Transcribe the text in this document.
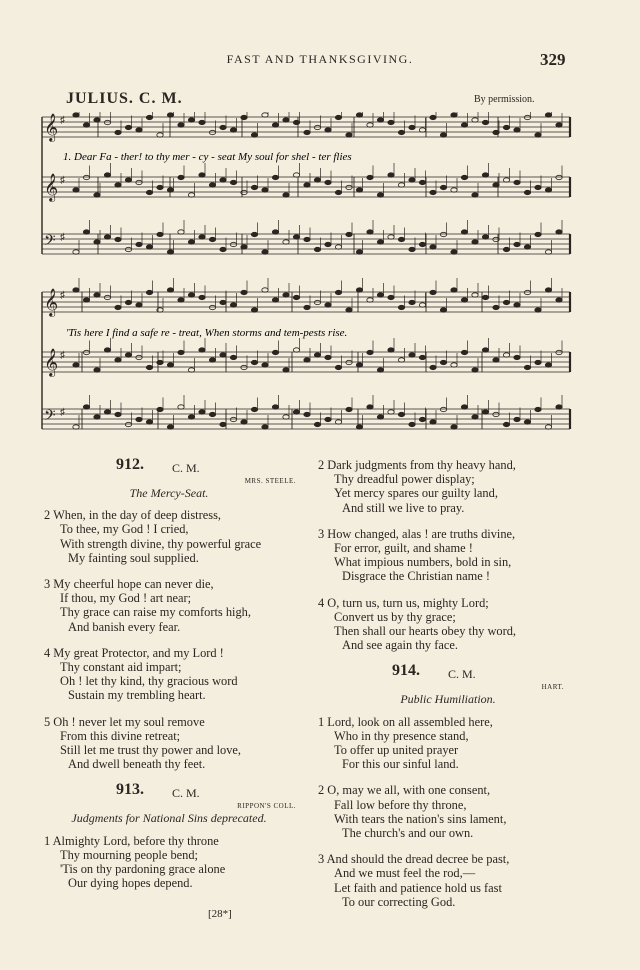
FAST AND THANKSGIVING.	329
JULIUS. C. M.	By permission.
𝄞 ♯
𝄞 ♯
𝄢 ♯
𝄞 ♯
𝄞 ♯
𝄢 ♯
1. Dear Fa - ther! to thy mer - cy - seat My soul for shel - ter flies
'Tis here I find a safe re - treat, When storms and tem-pests rise.
912. C. M.
MRS. STEELE.
The Mercy-Seat.
2 When, in the day of deep distress,
To thee, my God ! I cried,
With strength divine, thy powerful grace
My fainting soul supplied.
3 My cheerful hope can never die,
If thou, my God ! art near;
Thy grace can raise my comforts high,
And banish every fear.
4 My great Protector, and my Lord !
Thy constant aid impart;
Oh ! let thy kind, thy gracious word
Sustain my trembling heart.
5 Oh ! never let my soul remove
From this divine retreat;
Still let me trust thy power and love,
And dwell beneath thy feet.
913. C. M.
RIPPON'S COLL.
Judgments for National Sins deprecated.
1 Almighty Lord, before thy throne
Thy mourning people bend;
'Tis on thy pardoning grace alone
Our dying hopes depend.
2 Dark judgments from thy heavy hand,
Thy dreadful power display;
Yet mercy spares our guilty land,
And still we live to pray.
3 How changed, alas ! are truths divine,
For error, guilt, and shame !
What impious numbers, bold in sin,
Disgrace the Christian name !
4 O, turn us, turn us, mighty Lord;
Convert us by thy grace;
Then shall our hearts obey thy word,
And see again thy face.
914. C. M.
HART.
Public Humiliation.
1 Lord, look on all assembled here,
Who in thy presence stand,
To offer up united prayer
For this our sinful land.
2 O, may we all, with one consent,
Fall low before thy throne,
With tears the nation's sins lament,
The church's and our own.
3 And should the dread decree be past,
And we must feel the rod,—
Let faith and patience hold us fast
To our correcting God.
[28*]
